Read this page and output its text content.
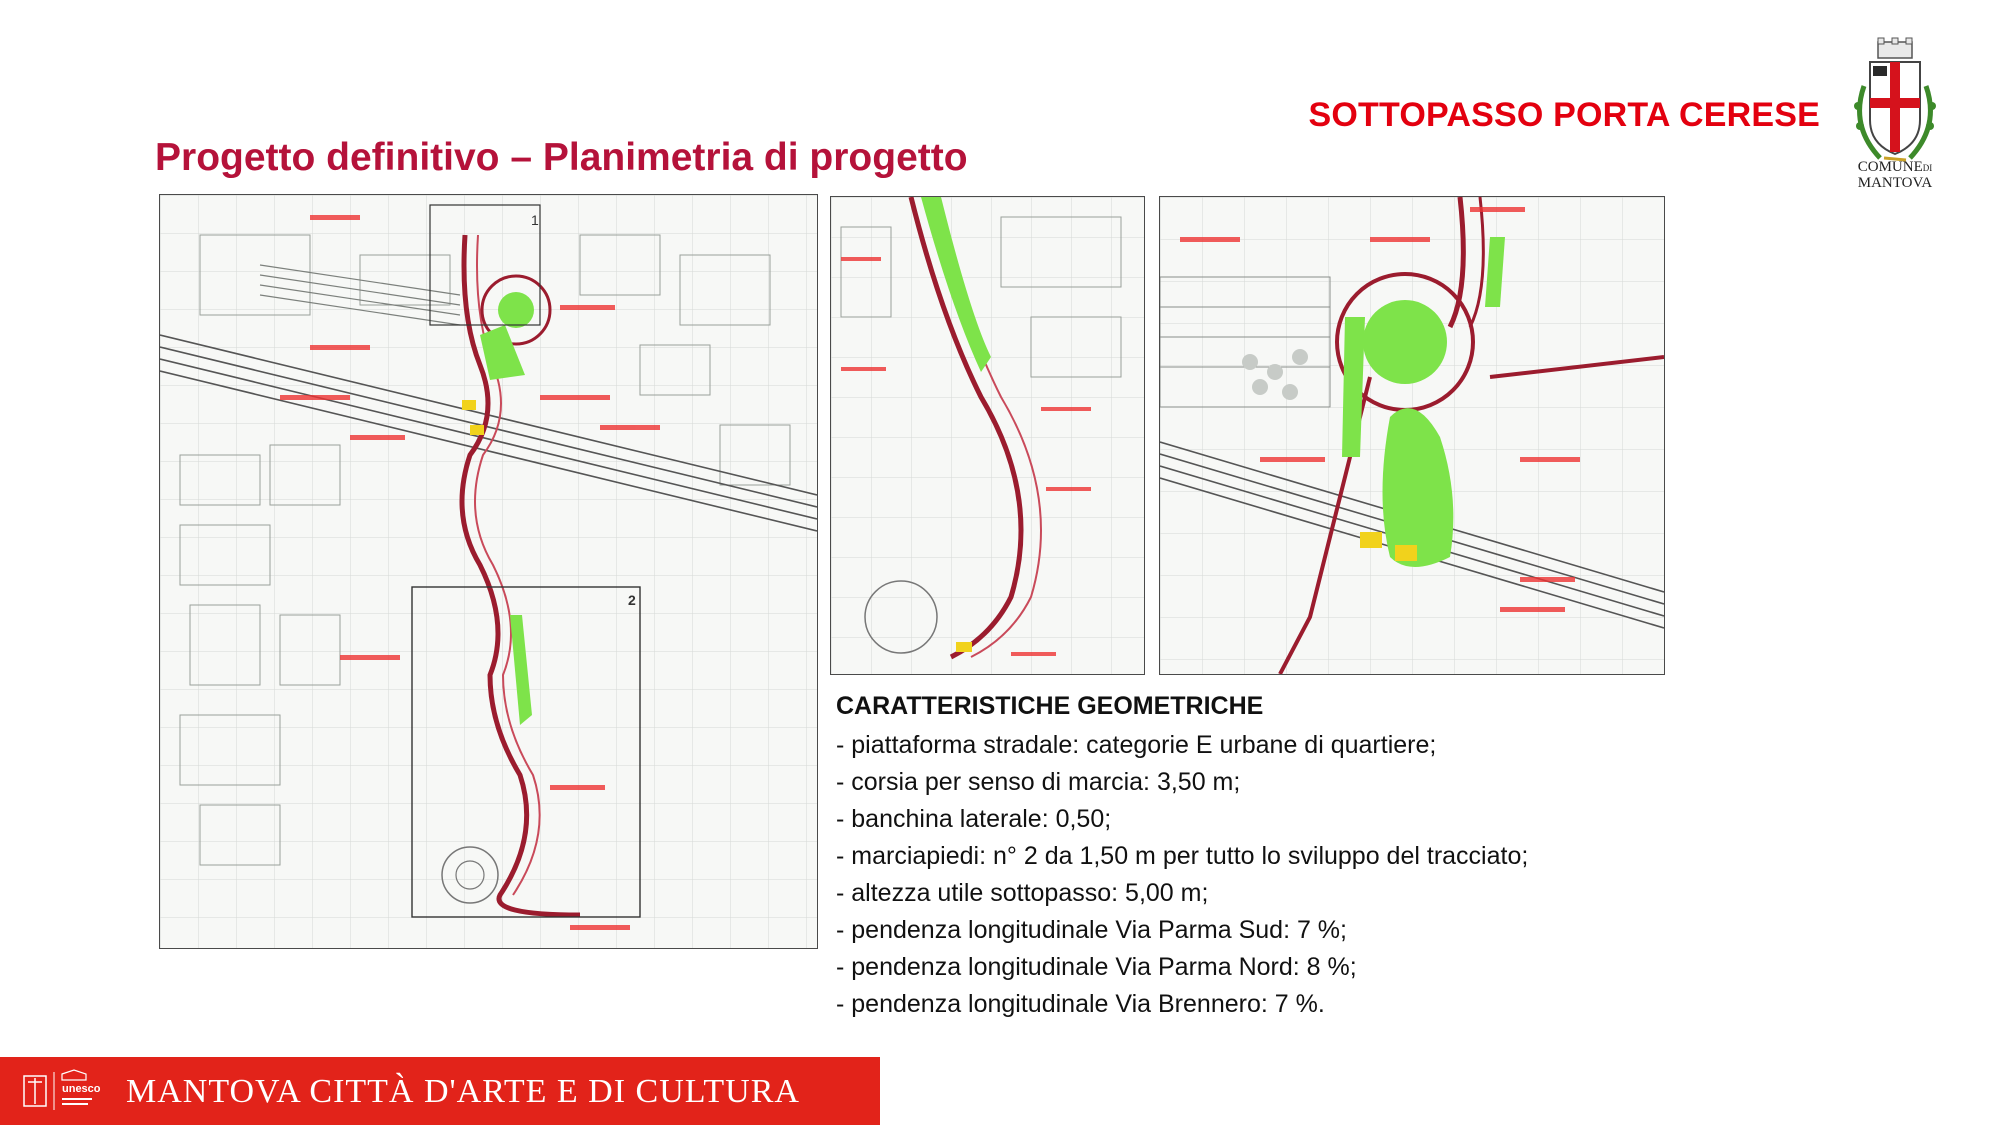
SOTTOPASSO PORTA CERESE
COMUNEDI
MANTOVA
Progetto definitivo – Planimetria di progetto
1
2
CARATTERISTICHE GEOMETRICHE
- piattaforma stradale: categorie E urbane di quartiere;
- corsia per senso di marcia: 3,50 m;
- banchina laterale: 0,50;
- marciapiedi: n° 2 da 1,50 m per tutto lo sviluppo del tracciato;
- altezza utile sottopasso: 5,00 m;
- pendenza longitudinale Via Parma Sud: 7 %;
- pendenza longitudinale Via Parma Nord: 8 %;
- pendenza longitudinale Via Brennero: 7 %.
unesco MANTOVA CITTÀ D'ARTE E DI CULTURA
